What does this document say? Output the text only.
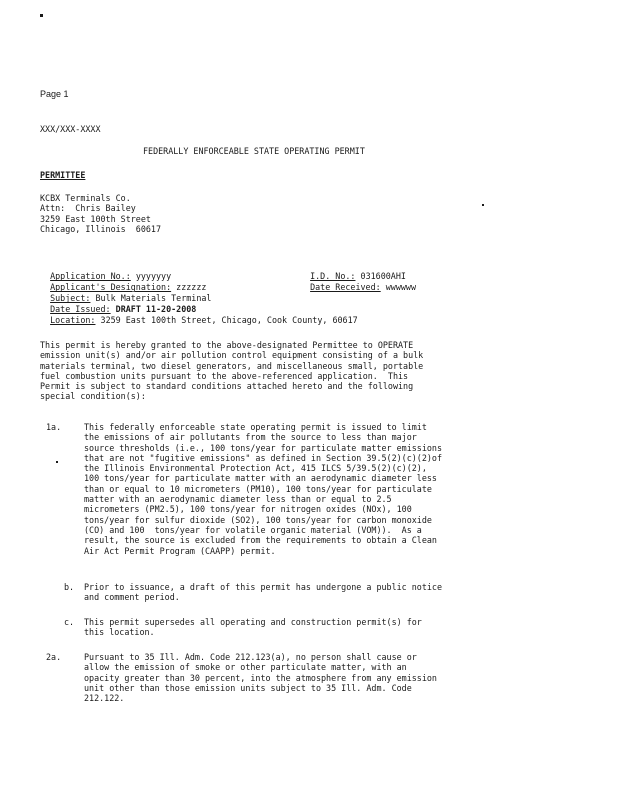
Page 1
XXX/XXX-XXXX
FEDERALLY ENFORCEABLE STATE OPERATING PERMIT
PERMITTEE
KCBX Terminals Co.
Attn:  Chris Bailey
3259 East 100th Street
Chicago, Illinois  60617

Application No.: yyyyyyy	I.D. No.: 031600AHI

Applicant's Designation: zzzzzz	Date Received: wwwwww

Subject: Bulk Materials Terminal

Date Issued: DRAFT 11-20-2008

Location: 3259 East 100th Street, Chicago, Cook County, 60617

This permit is hereby granted to the above-designated Permittee to OPERATE
emission unit(s) and/or air pollution control equipment consisting of a bulk
materials terminal, two diesel generators, and miscellaneous small, portable
fuel combustion units pursuant to the above-referenced application.  This
Permit is subject to standard conditions attached hereto and the following
special condition(s):
1a.	This federally enforceable state operating permit is issued to limit
the emissions of air pollutants from the source to less than major
source thresholds (i.e., 100 tons/year for particulate matter emissions
that are not "fugitive emissions" as defined in Section 39.5(2)(c)(2)of
the Illinois Environmental Protection Act, 415 ILCS 5/39.5(2)(c)(2),
100 tons/year for particulate matter with an aerodynamic diameter less
than or equal to 10 micrometers (PM10), 100 tons/year for particulate
matter with an aerodynamic diameter less than or equal to 2.5
micrometers (PM2.5), 100 tons/year for nitrogen oxides (NOx), 100
tons/year for sulfur dioxide (SO2), 100 tons/year for carbon monoxide
(CO) and 100  tons/year for volatile organic material (VOM)).  As a
result, the source is excluded from the requirements to obtain a Clean
Air Act Permit Program (CAAPP) permit.
b. Prior to issuance, a draft of this permit has undergone a public notice
and comment period.
c. This permit supersedes all operating and construction permit(s) for
this location.
2a.	Pursuant to 35 Ill. Adm. Code 212.123(a), no person shall cause or
allow the emission of smoke or other particulate matter, with an
opacity greater than 30 percent, into the atmosphere from any emission
unit other than those emission units subject to 35 Ill. Adm. Code
212.122.
